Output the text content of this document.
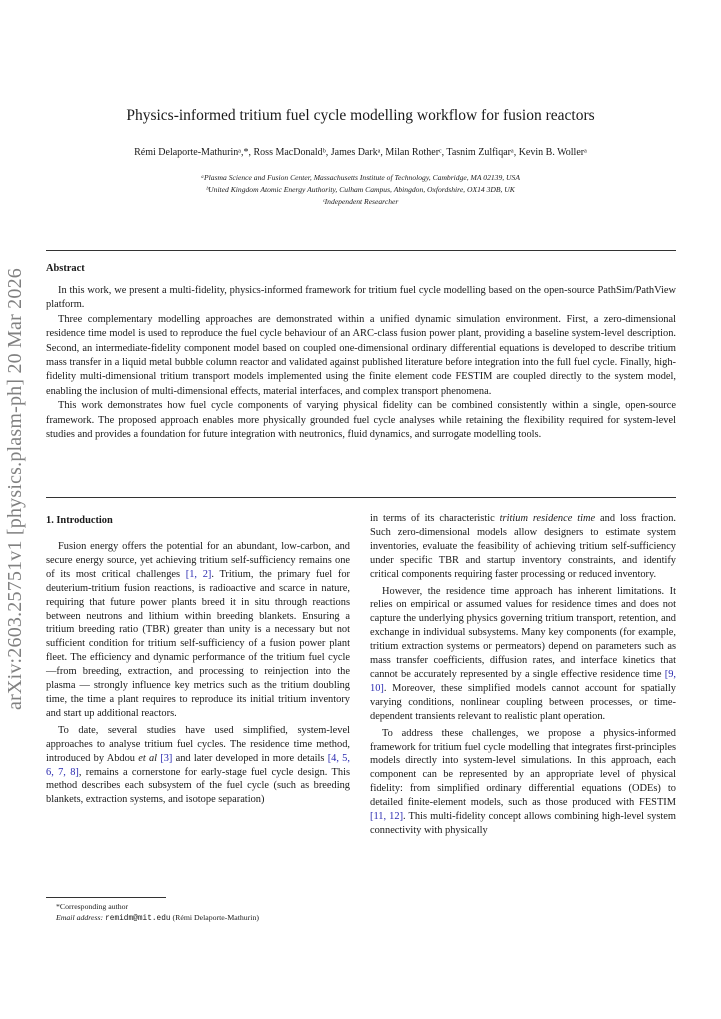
arXiv:2603.25751v1 [physics.plasm-ph] 20 Mar 2026
Physics-informed tritium fuel cycle modelling workflow for fusion reactors
Rémi Delaporte-Mathurinᵃ,*, Ross MacDonaldᵇ, James Darkᵃ, Milan Rotherᶜ, Tasnim Zulfiqarᵃ, Kevin B. Wollerᵃ
ᵃPlasma Science and Fusion Center, Massachusetts Institute of Technology, Cambridge, MA 02139, USA
ᵇUnited Kingdom Atomic Energy Authority, Culham Campus, Abingdon, Oxfordshire, OX14 3DB, UK
ᶜIndependent Researcher
Abstract

In this work, we present a multi-fidelity, physics-informed framework for tritium fuel cycle modelling based on the open-source PathSim/PathView platform.

Three complementary modelling approaches are demonstrated within a unified dynamic simulation environment. First, a zero-dimensional residence time model is used to reproduce the fuel cycle behaviour of an ARC-class fusion power plant, providing a baseline system-level description. Second, an intermediate-fidelity component model based on coupled one-dimensional ordinary differential equations is developed to describe tritium mass transfer in a liquid metal bubble column reactor and validated against published literature before integration into the full fuel cycle. Finally, high-fidelity multi-dimensional tritium transport models implemented using the finite element code FESTIM are coupled directly to the system model, enabling the inclusion of multi-dimensional effects, material interfaces, and complex transport phenomena.

This work demonstrates how fuel cycle components of varying physical fidelity can be combined consistently within a single, open-source framework. The proposed approach enables more physically grounded fuel cycle analyses while retaining the flexibility required for system-level studies and provides a foundation for future integration with neutronics, fluid dynamics, and surrogate modelling tools.

1. Introduction

Fusion energy offers the potential for an abundant, low-carbon, and secure energy source, yet achieving tritium self-sufficiency remains one of its most critical challenges [1, 2]. Tritium, the primary fuel for deuterium-tritium fusion reactions, is radioactive and scarce in nature, requiring that future power plants breed it in situ through reactions between neutrons and lithium within breeding blankets. Ensuring a tritium breeding ratio (TBR) greater than unity is a necessary but not sufficient condition for tritium self-sufficiency of a fusion power plant fleet. The efficiency and dynamic performance of the tritium fuel cycle —from breeding, extraction, and processing to reinjection into the plasma — strongly influence key metrics such as the tritium doubling time, the time a plant requires to reproduce its initial tritium inventory and start up additional reactors.

To date, several studies have used simplified, system-level approaches to analyse tritium fuel cycles. The residence time method, introduced by Abdou et al [3] and later developed in more details [4, 5, 6, 7, 8], remains a cornerstone for early-stage fuel cycle design. This method describes each subsystem of the fuel cycle (such as breeding blankets, extraction systems, and isotope separation)

in terms of its characteristic tritium residence time and loss fraction. Such zero-dimensional models allow designers to estimate system inventories, evaluate the feasibility of achieving tritium self-sufficiency under specific TBR and startup inventory constraints, and identify critical components requiring faster processing or reduced inventory.

However, the residence time approach has inherent limitations. It relies on empirical or assumed values for residence times and does not capture the underlying physics governing tritium transport, retention, and exchange in individual subsystems. Many key components (for example, tritium extraction systems or permeators) depend on parameters such as mass transfer coefficients, diffusion rates, and interface kinetics that cannot be accurately represented by a single effective residence time [9, 10]. Moreover, these simplified models cannot account for spatially varying conditions, nonlinear coupling between processes, or time-dependent transients relevant to realistic plant operation.

To address these challenges, we propose a physics-informed framework for tritium fuel cycle modelling that integrates first-principles models directly into system-level simulations. In this approach, each component can be represented by an appropriate level of physical fidelity: from simplified ordinary differential equations (ODEs) to detailed finite-element models, such as those produced with FESTIM [11, 12]. This multi-fidelity concept allows combining high-level system connectivity with physically

*Corresponding author
Email address: remidm@mit.edu (Rémi Delaporte-Mathurin)
